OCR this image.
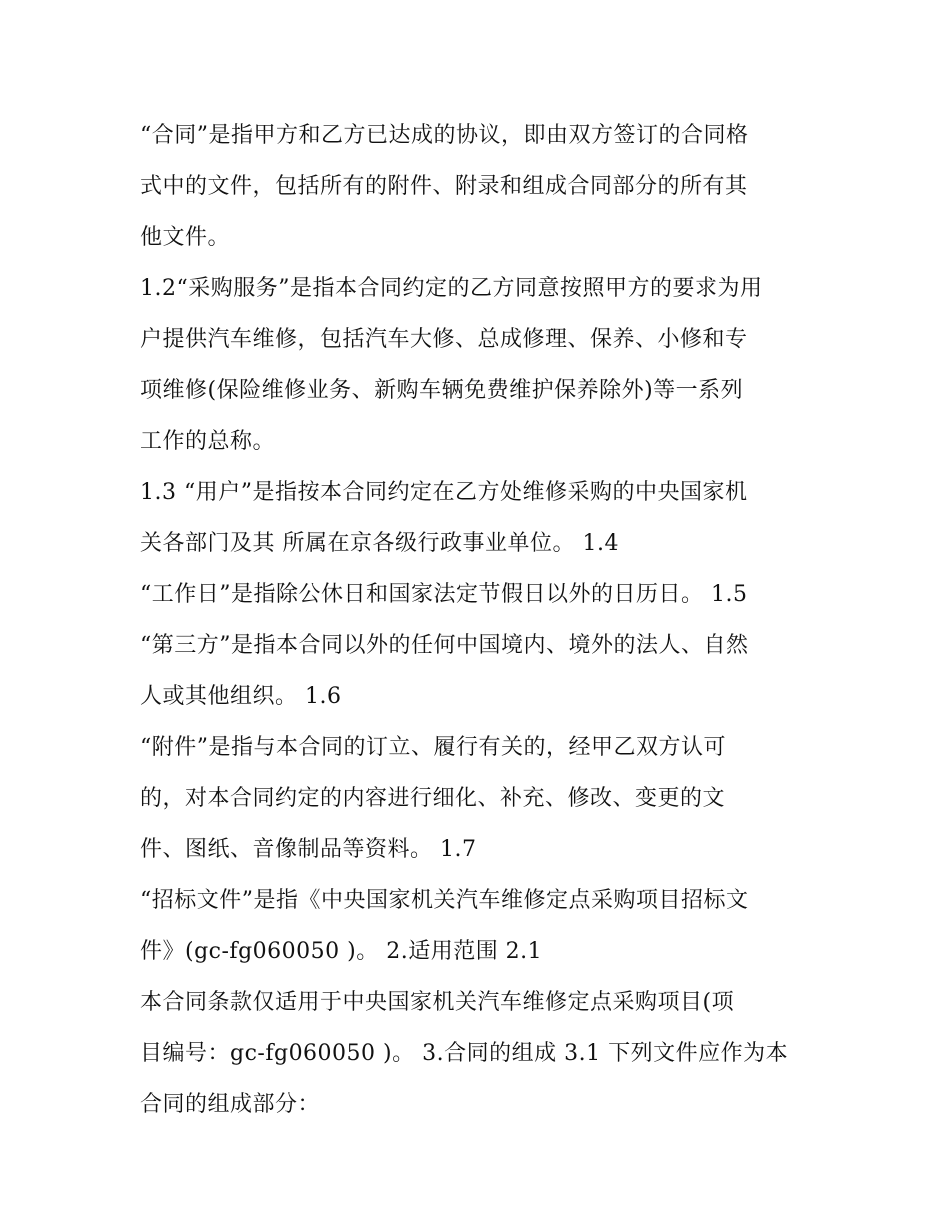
“合同”是指甲方和乙方已达成的协议，即由双方签订的合同格
式中的文件，包括所有的附件、附录和组成合同部分的所有其
他文件。
1.2“采购服务”是指本合同约定的乙方同意按照甲方的要求为用
户提供汽车维修，包括汽车大修、总成修理、保养、小修和专
项维修(保险维修业务、新购车辆免费维护保养除外)等一系列
工作的总称。
1.3 “用户”是指按本合同约定在乙方处维修采购的中央国家机
关各部门及其 所属在京各级行政事业单位。 1.4
“工作日”是指除公休日和国家法定节假日以外的日历日。 1.5
“第三方”是指本合同以外的任何中国境内、境外的法人、自然
人或其他组织。 1.6
“附件”是指与本合同的订立、履行有关的，经甲乙双方认可
的，对本合同约定的内容进行细化、补充、修改、变更的文
件、图纸、音像制品等资料。 1.7
“招标文件”是指《中央国家机关汽车维修定点采购项目招标文
件》(gc-fg060050 )。 2.适用范围 2.1
本合同条款仅适用于中央国家机关汽车维修定点采购项目(项
目编号：gc-fg060050 )。 3.合同的组成 3.1 下列文件应作为本
合同的组成部分：
